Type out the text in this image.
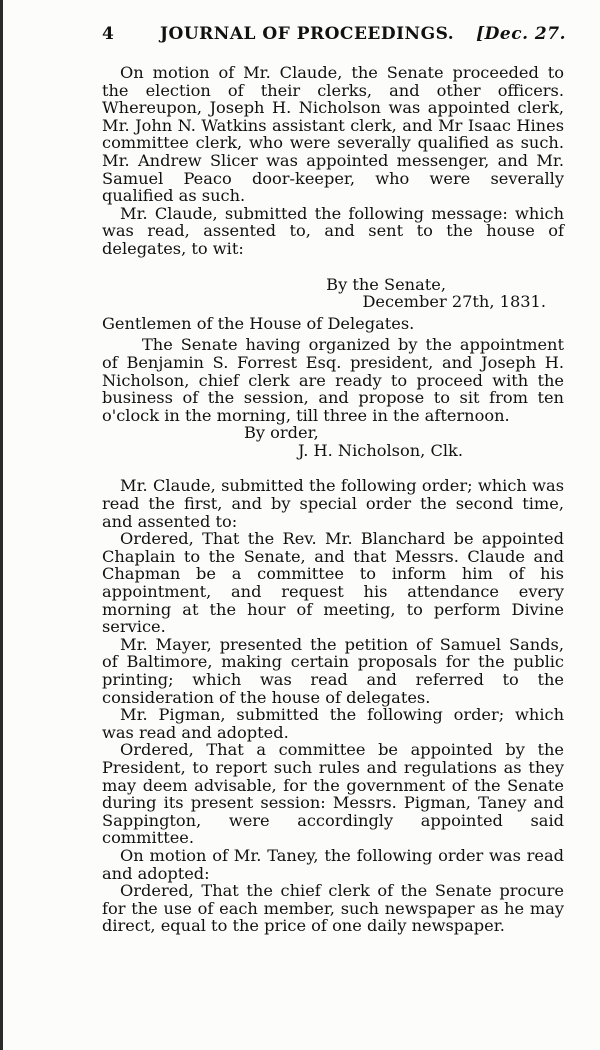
4	JOURNAL OF PROCEEDINGS. [Dec. 27.

On motion of Mr. Claude, the Senate proceeded to the election of their clerks, and other officers. Whereupon, Joseph H. Nicholson was appointed clerk, Mr. John N. Watkins assistant clerk, and Mr Isaac Hines committee clerk, who were severally qualified as such. Mr. Andrew Slicer was appointed messenger, and Mr. Samuel Peaco door-keeper, who were severally qualified as such.

Mr. Claude, submitted the following message: which was read, assented to, and sent to the house of delegates, to wit:

By the Senate,

December 27th, 1831.

Gentlemen of the House of Delegates.

The Senate having organized by the appointment of Benjamin S. Forrest Esq. president, and Joseph H. Nicholson, chief clerk are ready to proceed with the business of the session, and propose to sit from ten o'clock in the morning, till three in the afternoon.

By order,

J. H. Nicholson, Clk.

Mr. Claude, submitted the following order; which was read the first, and by special order the second time, and assented to:

Ordered, That the Rev. Mr. Blanchard be appointed Chaplain to the Senate, and that Messrs. Claude and Chapman be a committee to inform him of his appointment, and request his attendance every morning at the hour of meeting, to perform Divine service.

Mr. Mayer, presented the petition of Samuel Sands, of Baltimore, making certain proposals for the public printing; which was read and referred to the consideration of the house of delegates.

Mr. Pigman, submitted the following order; which was read and adopted.

Ordered, That a committee be appointed by the President, to report such rules and regulations as they may deem advisable, for the government of the Senate during its present session: Messrs. Pigman, Taney and Sappington, were accordingly appointed said committee.

On motion of Mr. Taney, the following order was read and adopted:

Ordered, That the chief clerk of the Senate procure for the use of each member, such newspaper as he may direct, equal to the price of one daily newspaper.
